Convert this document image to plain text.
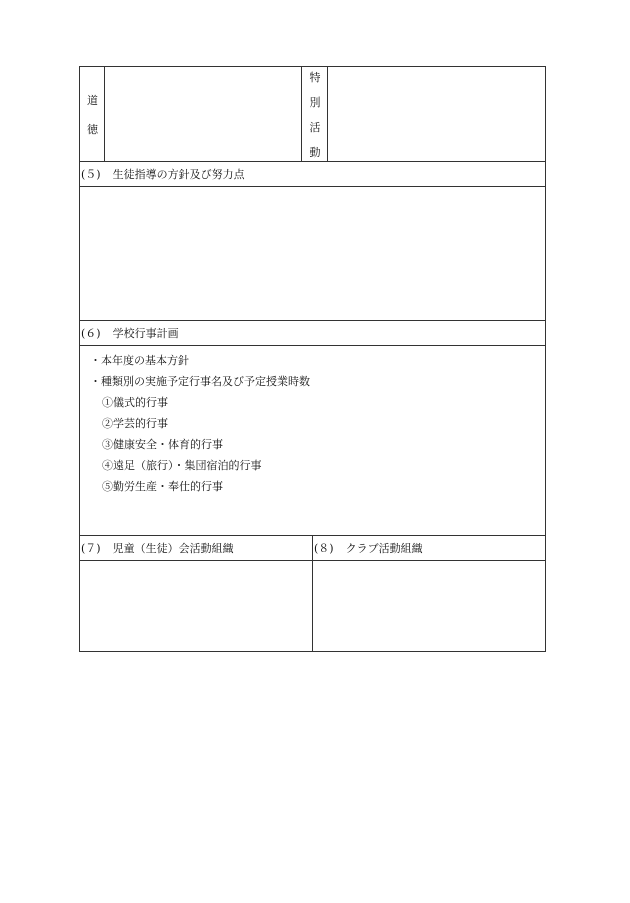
道
徳
特
別
活
動
(５) 生徒指導の方針及び努力点
(６) 学校行事計画
・本年度の基本方針
・種類別の実施予定行事名及び予定授業時数
①儀式的行事
②学芸的行事
③健康安全・体育的行事
④遠足（旅行）・集団宿泊的行事
⑤勤労生産・奉仕的行事
(７) 児童（生徒）会活動組織	(８) クラブ活動組織
